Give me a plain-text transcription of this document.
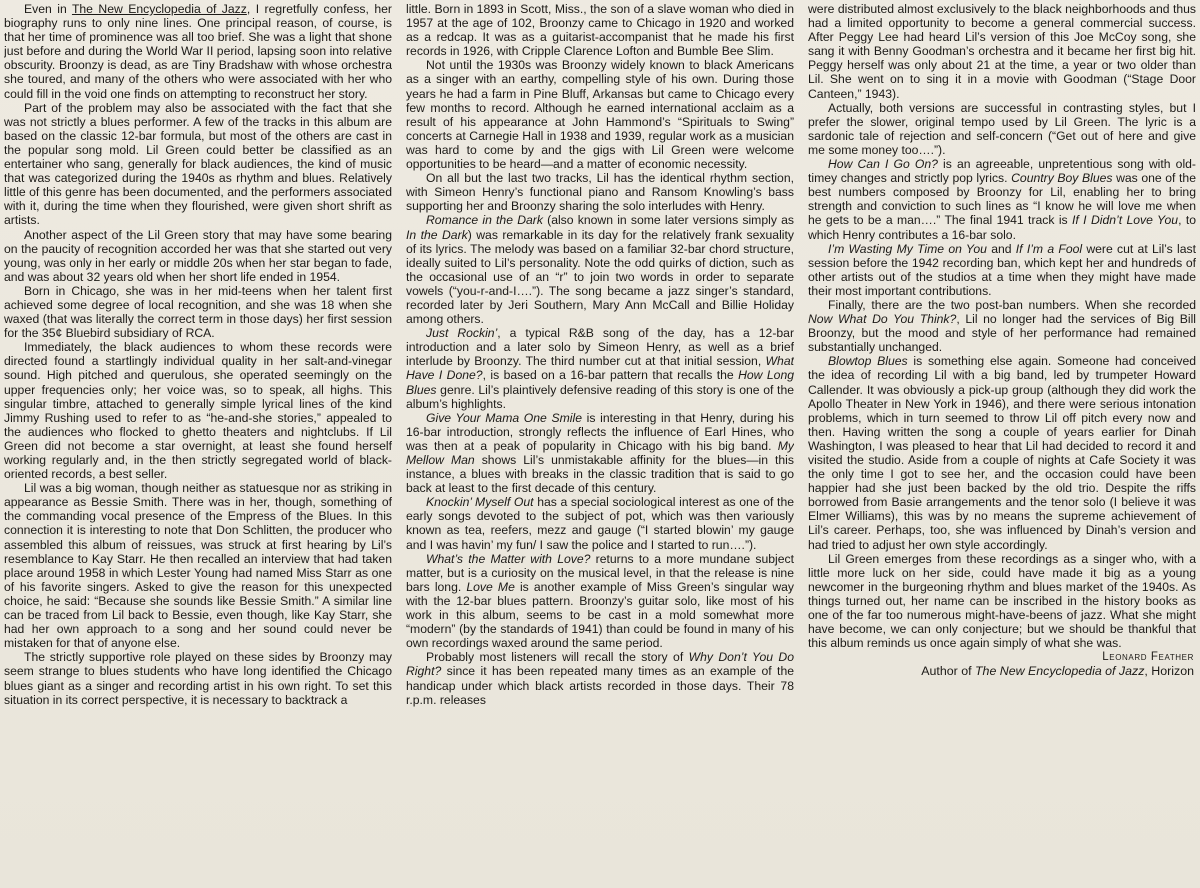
Even in The New Encyclopedia of Jazz, I regretfully confess, her biography runs to only nine lines. One principal reason, of course, is that her time of prominence was all too brief. She was a light that shone just before and during the World War II period, lapsing soon into relative obscurity. Broonzy is dead, as are Tiny Bradshaw with whose orchestra she toured, and many of the others who were associated with her who could fill in the void one finds on attempting to reconstruct her story.

Part of the problem may also be associated with the fact that she was not strictly a blues performer. A few of the tracks in this album are based on the classic 12-bar formula, but most of the others are cast in the popular song mold. Lil Green could better be classified as an entertainer who sang, generally for black audiences, the kind of music that was categorized during the 1940s as rhythm and blues. Relatively little of this genre has been documented, and the performers associated with it, during the time when they flourished, were given short shrift as artists.

Another aspect of the Lil Green story that may have some bearing on the paucity of recognition accorded her was that she started out very young, was only in her early or middle 20s when her star began to fade, and was about 32 years old when her short life ended in 1954.

Born in Chicago, she was in her mid-teens when her talent first achieved some degree of local recognition, and she was 18 when she waxed (that was literally the correct term in those days) her first session for the 35¢ Bluebird subsidiary of RCA.

Immediately, the black audiences to whom these records were directed found a startlingly individual quality in her salt-and-vinegar sound. High pitched and querulous, she operated seemingly on the upper frequencies only; her voice was, so to speak, all highs. This singular timbre, attached to generally simple lyrical lines of the kind Jimmy Rushing used to refer to as “he-and-she stories,” appealed to the audiences who flocked to ghetto theaters and nightclubs. If Lil Green did not become a star overnight, at least she found herself working regularly and, in the then strictly segregated world of black-oriented records, a best seller.

Lil was a big woman, though neither as statuesque nor as striking in appearance as Bessie Smith. There was in her, though, something of the commanding vocal presence of the Empress of the Blues. In this connection it is interesting to note that Don Schlitten, the producer who assembled this album of reissues, was struck at first hearing by Lil’s resemblance to Kay Starr. He then recalled an interview that had taken place around 1958 in which Lester Young had named Miss Starr as one of his favorite singers. Asked to give the reason for this unexpected choice, he said: “Because she sounds like Bessie Smith.” A similar line can be traced from Lil back to Bessie, even though, like Kay Starr, she had her own approach to a song and her sound could never be mistaken for that of anyone else.

The strictly supportive role played on these sides by Broonzy may seem strange to blues students who have long identified the Chicago blues giant as a singer and recording artist in his own right. To set this situation in its correct perspective, it is necessary to backtrack a

little. Born in 1893 in Scott, Miss., the son of a slave woman who died in 1957 at the age of 102, Broonzy came to Chicago in 1920 and worked as a redcap. It was as a guitarist-accompanist that he made his first records in 1926, with Cripple Clarence Lofton and Bumble Bee Slim.

Not until the 1930s was Broonzy widely known to black Americans as a singer with an earthy, compelling style of his own. During those years he had a farm in Pine Bluff, Arkansas but came to Chicago every few months to record. Although he earned international acclaim as a result of his appearance at John Hammond’s “Spirituals to Swing” concerts at Carnegie Hall in 1938 and 1939, regular work as a musician was hard to come by and the gigs with Lil Green were welcome opportunities to be heard—and a matter of economic necessity.

On all but the last two tracks, Lil has the identical rhythm section, with Simeon Henry’s functional piano and Ransom Knowling’s bass supporting her and Broonzy sharing the solo interludes with Henry.

Romance in the Dark (also known in some later versions simply as In the Dark) was remarkable in its day for the relatively frank sexuality of its lyrics. The melody was based on a familiar 32-bar chord structure, ideally suited to Lil’s personality. Note the odd quirks of diction, such as the occasional use of an “r” to join two words in order to separate vowels (“you-r-and-I….”). The song became a jazz singer’s standard, recorded later by Jeri Southern, Mary Ann McCall and Billie Holiday among others.

Just Rockin’, a typical R&B song of the day, has a 12-bar introduction and a later solo by Simeon Henry, as well as a brief interlude by Broonzy. The third number cut at that initial session, What Have I Done?, is based on a 16-bar pattern that recalls the How Long Blues genre. Lil’s plaintively defensive reading of this story is one of the album’s highlights.

Give Your Mama One Smile is interesting in that Henry, during his 16-bar introduction, strongly reflects the influence of Earl Hines, who was then at a peak of popularity in Chicago with his big band. My Mellow Man shows Lil’s unmistakable affinity for the blues—in this instance, a blues with breaks in the classic tradition that is said to go back at least to the first decade of this century.

Knockin’ Myself Out has a special sociological interest as one of the early songs devoted to the subject of pot, which was then variously known as tea, reefers, mezz and gauge (“I started blowin’ my gauge and I was havin’ my fun/ I saw the police and I started to run….”).

What’s the Matter with Love? returns to a more mundane subject matter, but is a curiosity on the musical level, in that the release is nine bars long. Love Me is another example of Miss Green’s singular way with the 12-bar blues pattern. Broonzy’s guitar solo, like most of his work in this album, seems to be cast in a mold somewhat more “modern” (by the standards of 1941) than could be found in many of his own recordings waxed around the same period.

Probably most listeners will recall the story of Why Don’t You Do Right? since it has been repeated many times as an example of the handicap under which black artists recorded in those days. Their 78 r.p.m. releases

were distributed almost exclusively to the black neighborhoods and thus had a limited opportunity to become a general commercial success. After Peggy Lee had heard Lil’s version of this Joe McCoy song, she sang it with Benny Goodman’s orchestra and it became her first big hit. Peggy herself was only about 21 at the time, a year or two older than Lil. She went on to sing it in a movie with Goodman (“Stage Door Canteen,” 1943).

Actually, both versions are successful in contrasting styles, but I prefer the slower, original tempo used by Lil Green. The lyric is a sardonic tale of rejection and self-concern (“Get out of here and give me some money too….”).

How Can I Go On? is an agreeable, unpretentious song with old-timey changes and strictly pop lyrics. Country Boy Blues was one of the best numbers composed by Broonzy for Lil, enabling her to bring strength and conviction to such lines as “I know he will love me when he gets to be a man….” The final 1941 track is If I Didn’t Love You, to which Henry contributes a 16-bar solo.

I’m Wasting My Time on You and If I’m a Fool were cut at Lil’s last session before the 1942 recording ban, which kept her and hundreds of other artists out of the studios at a time when they might have made their most important contributions.

Finally, there are the two post-ban numbers. When she recorded Now What Do You Think?, Lil no longer had the services of Big Bill Broonzy, but the mood and style of her performance had remained substantially unchanged.

Blowtop Blues is something else again. Someone had conceived the idea of recording Lil with a big band, led by trumpeter Howard Callender. It was obviously a pick-up group (although they did work the Apollo Theater in New York in 1946), and there were serious intonation problems, which in turn seemed to throw Lil off pitch every now and then. Having written the song a couple of years earlier for Dinah Washington, I was pleased to hear that Lil had decided to record it and visited the studio. Aside from a couple of nights at Cafe Society it was the only time I got to see her, and the occasion could have been happier had she just been backed by the old trio. Despite the riffs borrowed from Basie arrangements and the tenor solo (I believe it was Elmer Williams), this was by no means the supreme achievement of Lil’s career. Perhaps, too, she was influenced by Dinah’s version and had tried to adjust her own style accordingly.

Lil Green emerges from these recordings as a singer who, with a little more luck on her side, could have made it big as a young newcomer in the burgeoning rhythm and blues market of the 1940s. As things turned out, her name can be inscribed in the history books as one of the far too numerous might-have-beens of jazz. What she might have become, we can only conjecture; but we should be thankful that this album reminds us once again simply of what she was.

Leonard Feather
Author of The New Encyclopedia of Jazz, Horizon
